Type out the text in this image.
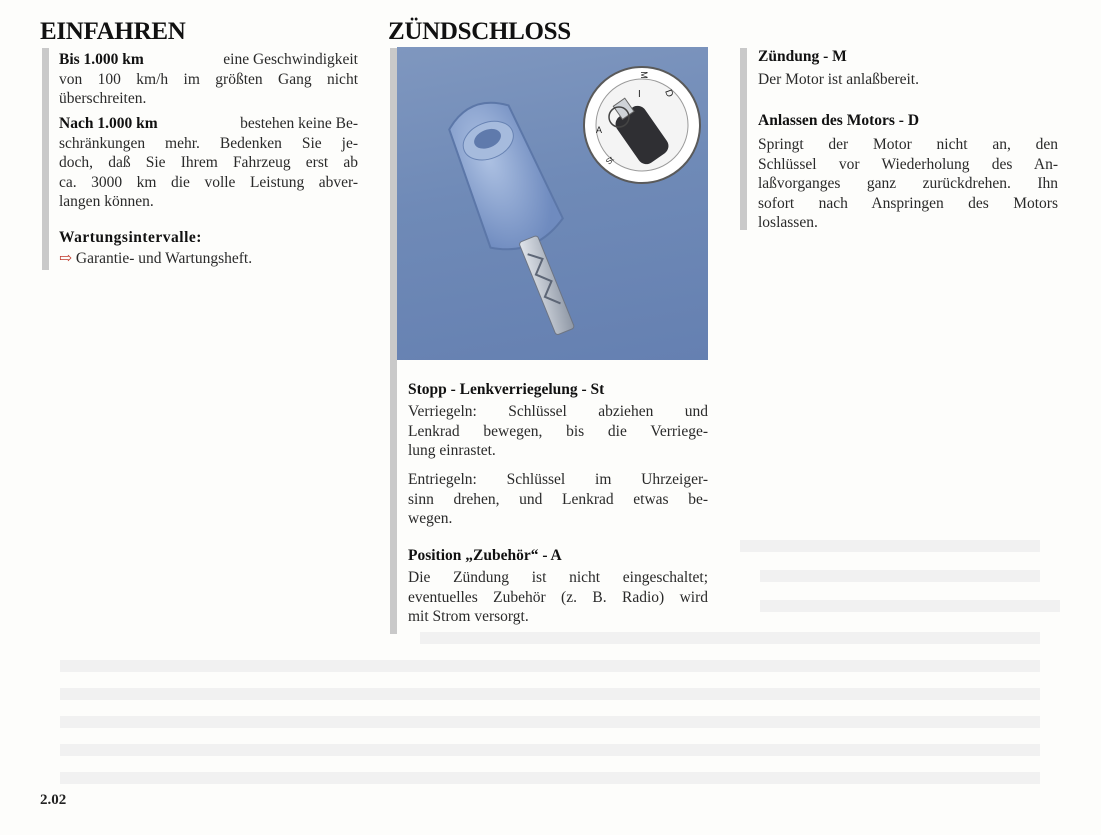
EINFAHREN
Bis 1.000 km	eine Geschwindigkeit
von 100 km/h im größten Gang nicht
überschreiten.
Nach 1.000 km	bestehen keine Be-
schränkungen mehr. Bedenken Sie je-
doch, daß Sie Ihrem Fahrzeug erst ab
ca. 3000 km die volle Leistung abver-
langen können.
Wartungsintervalle:
⇨ Garantie- und Wartungsheft.
ZÜNDSCHLOSS
M
I D
A
St
Stopp - Lenkverriegelung - St
Verriegeln: Schlüssel abziehen und
Lenkrad bewegen, bis die Verriege-
lung einrastet.
Entriegeln: Schlüssel im Uhrzeiger-
sinn drehen, und Lenkrad etwas be-
wegen.
Position „Zubehör“ - A
Die Zündung ist nicht eingeschaltet;
eventuelles Zubehör (z. B. Radio) wird
mit Strom versorgt.
Zündung - M
Der Motor ist anlaßbereit.
Anlassen des Motors - D
Springt der Motor nicht an, den
Schlüssel vor Wiederholung des An-
laßvorganges ganz zurückdrehen. Ihn
sofort nach Anspringen des Motors
loslassen.
2.02
